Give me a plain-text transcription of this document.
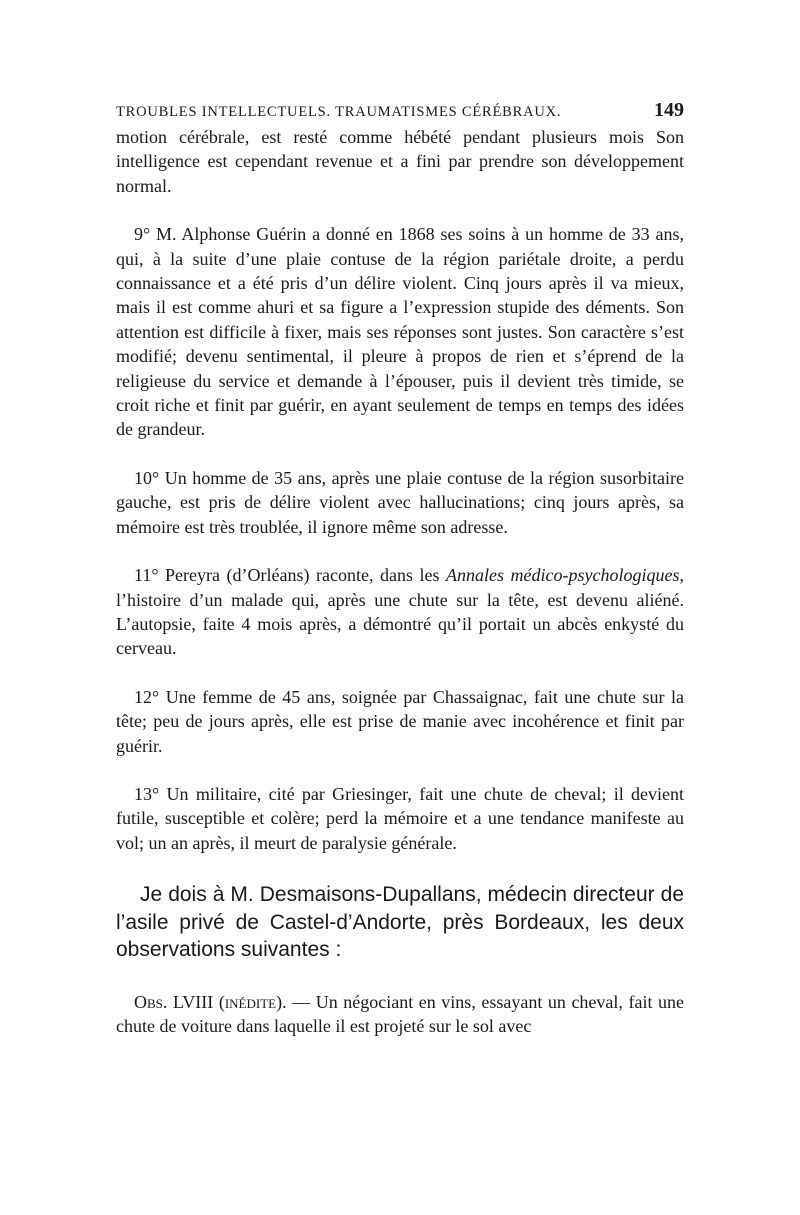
TROUBLES INTELLECTUELS. TRAUMATISMES CÉRÉBRAUX.	149

motion cérébrale, est resté comme hébété pendant plusieurs mois Son intelligence est cependant revenue et a fini par prendre son développement normal.

9° M. Alphonse Guérin a donné en 1868 ses soins à un homme de 33 ans, qui, à la suite d’une plaie contuse de la région pariétale droite, a perdu connaissance et a été pris d’un délire violent. Cinq jours après il va mieux, mais il est comme ahuri et sa figure a l’expression stupide des déments. Son attention est difficile à fixer, mais ses réponses sont justes. Son caractère s’est modifié; devenu sentimental, il pleure à propos de rien et s’éprend de la religieuse du service et demande à l’épouser, puis il devient très timide, se croit riche et finit par guérir, en ayant seulement de temps en temps des idées de grandeur.

10° Un homme de 35 ans, après une plaie contuse de la région susorbitaire gauche, est pris de délire violent avec hallucinations; cinq jours après, sa mémoire est très troublée, il ignore même son adresse.

11° Pereyra (d’Orléans) raconte, dans les Annales médico-psychologiques, l’histoire d’un malade qui, après une chute sur la tête, est devenu aliéné. L’autopsie, faite 4 mois après, a démontré qu’il portait un abcès enkysté du cerveau.

12° Une femme de 45 ans, soignée par Chassaignac, fait une chute sur la tête; peu de jours après, elle est prise de manie avec incohérence et finit par guérir.

13° Un militaire, cité par Griesinger, fait une chute de cheval; il devient futile, susceptible et colère; perd la mémoire et a une tendance manifeste au vol; un an après, il meurt de paralysie générale.

Je dois à M. Desmaisons-Dupallans, médecin directeur de l’asile privé de Castel-d’Andorte, près Bordeaux, les deux observations suivantes :

Obs. LVIII (inédite). — Un négociant en vins, essayant un cheval, fait une chute de voiture dans laquelle il est projeté sur le sol avec
